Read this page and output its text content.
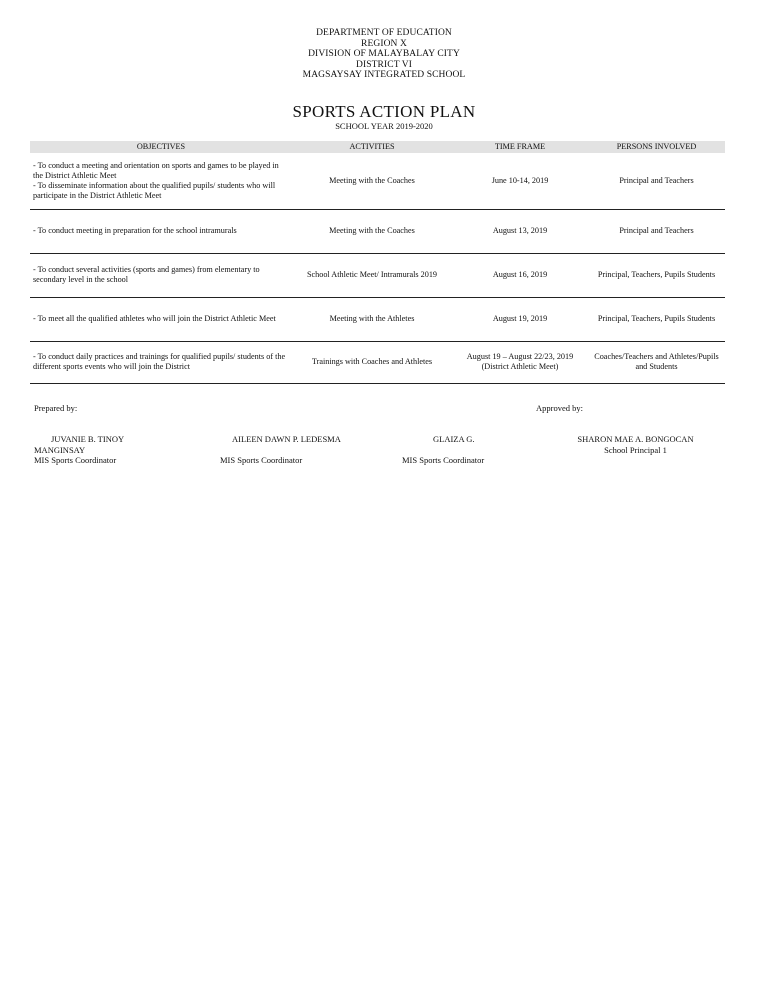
DEPARTMENT OF EDUCATION
REGION X
DIVISION OF MALAYBALAY CITY
DISTRICT VI
MAGSAYSAY INTEGRATED SCHOOL
SPORTS ACTION PLAN
SCHOOL YEAR 2019-2020
OBJECTIVES	ACTIVITIES	TIME FRAME	PERSONS INVOLVED

- To conduct a meeting and orientation on sports and games to be played in the District Athletic Meet
- To disseminate information about the qualified pupils/ students who will participate in the District Athletic Meet	Meeting with the Coaches	June 10-14, 2019	Principal and Teachers

- To conduct meeting in preparation for the school intramurals	Meeting with the Coaches	August 13, 2019	Principal and Teachers

- To conduct several activities (sports and games) from elementary to secondary level in the school	School Athletic Meet/ Intramurals 2019	August 16, 2019	Principal, Teachers, Pupils Students

- To meet all the qualified athletes who will join the District Athletic Meet	Meeting with the Athletes	August 19, 2019	Principal, Teachers, Pupils Students

- To conduct daily practices and trainings for qualified pupils/ students of the different sports events who will join the District	Trainings with Coaches and Athletes	August 19 – August 22/23, 2019 (District Athletic Meet)	Coaches/Teachers and Athletes/Pupils and Students
Prepared by:	Approved by:
JUVANIE B. TINOY
MANGINSAY
MIS Sports Coordinator
AILEEN DAWN P. LEDESMA
MIS Sports Coordinator
GLAIZA G.
MIS Sports Coordinator
SHARON MAE A. BONGOCAN
School Principal 1
